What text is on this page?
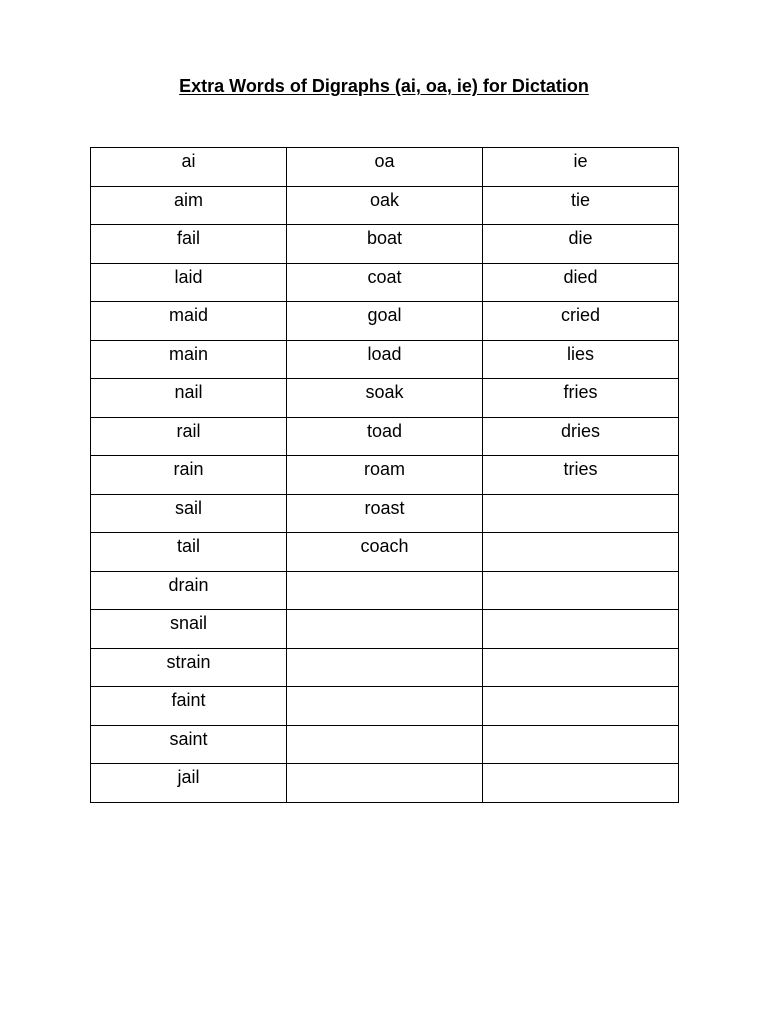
Extra Words of Digraphs (ai, oa, ie) for Dictation
ai	oa	ie
aim	oak	tie
fail	boat	die
laid	coat	died
maid	goal	cried
main	load	lies
nail	soak	fries
rail	toad	dries
rain	roam	tries
sail	roast	
tail	coach	
drain		
snail		
strain		
faint		
saint		
jail		
